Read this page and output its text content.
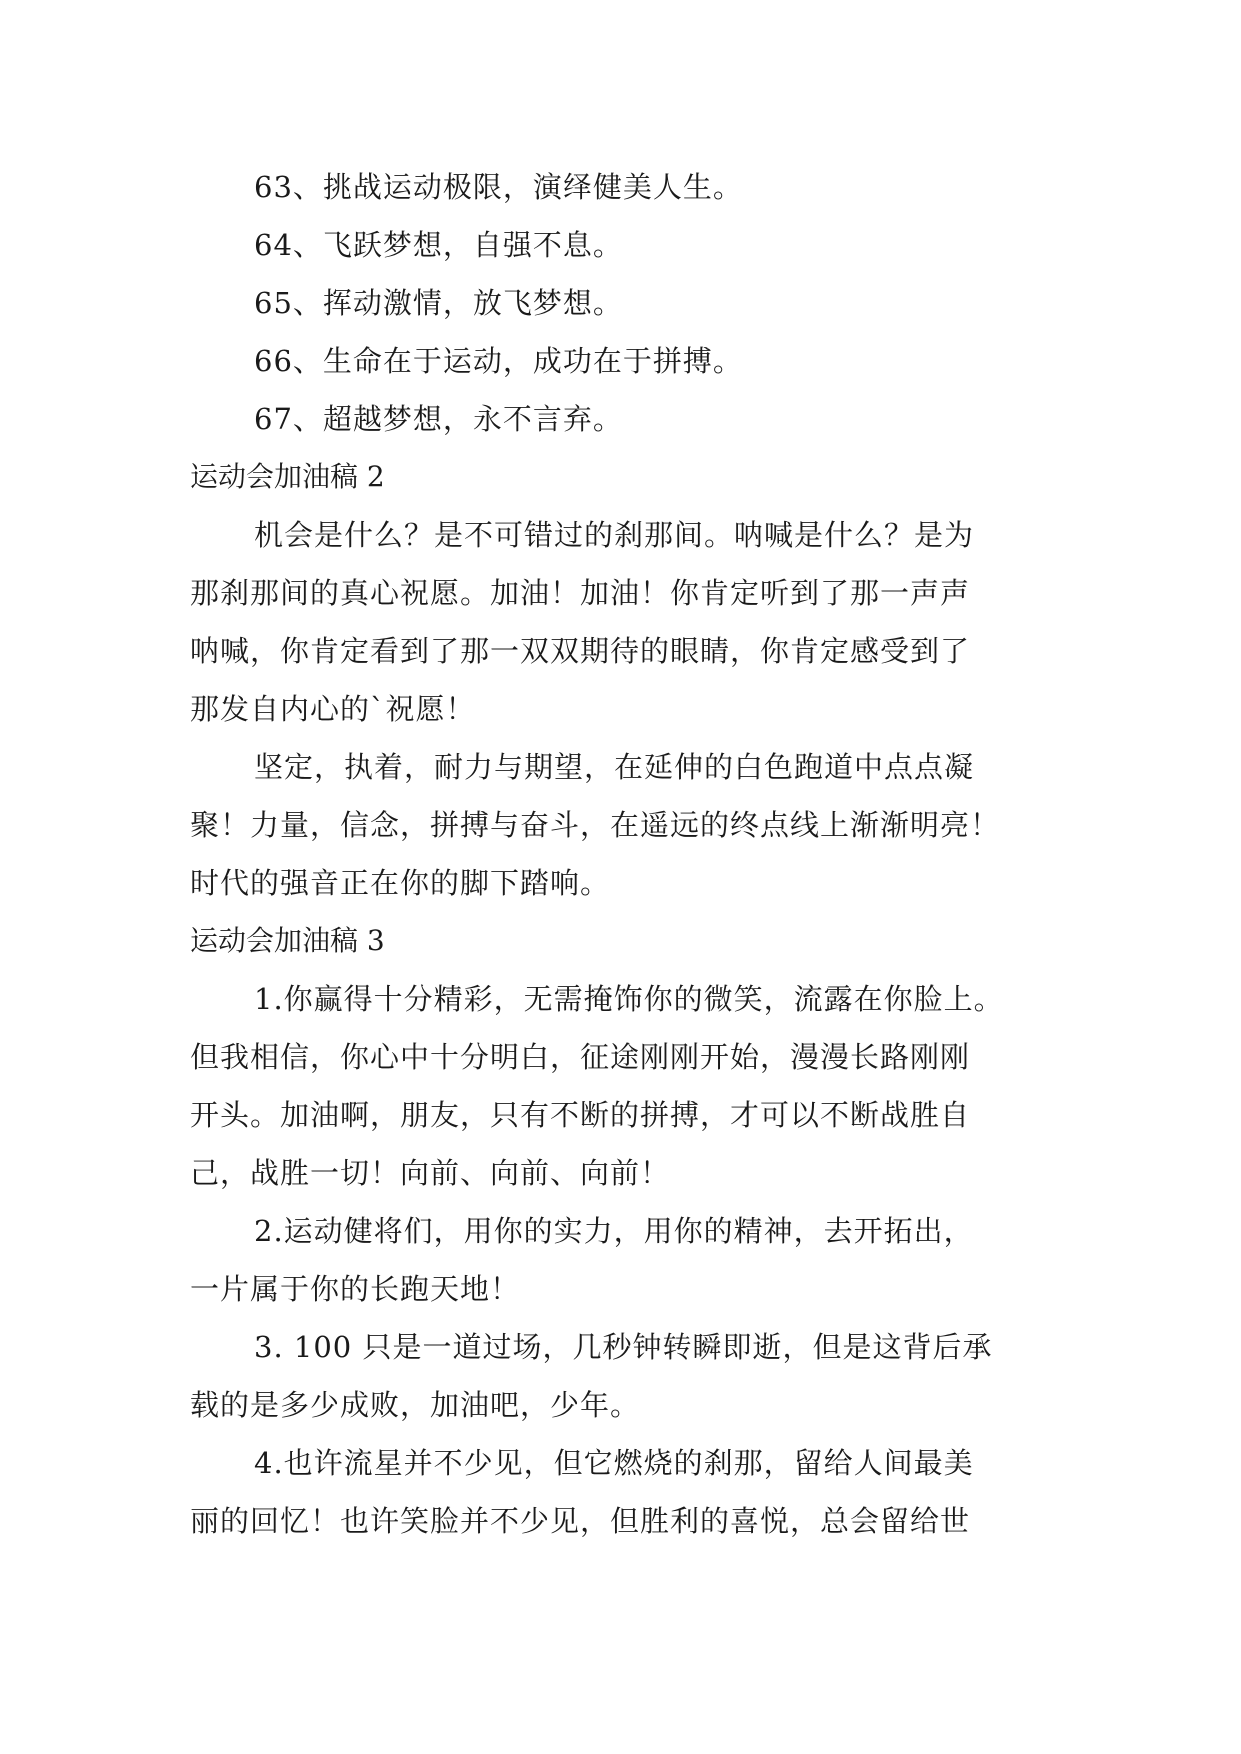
63、挑战运动极限，演绎健美人生。
64、飞跃梦想，自强不息。
65、挥动激情，放飞梦想。
66、生命在于运动，成功在于拼搏。
67、超越梦想，永不言弃。
运动会加油稿 2
机会是什么？是不可错过的刹那间。呐喊是什么？是为
那刹那间的真心祝愿。加油！加油！你肯定听到了那一声声
呐喊，你肯定看到了那一双双期待的眼睛，你肯定感受到了
那发自内心的`祝愿！
坚定，执着，耐力与期望，在延伸的白色跑道中点点凝
聚！力量，信念，拼搏与奋斗，在遥远的终点线上渐渐明亮！
时代的强音正在你的脚下踏响。
运动会加油稿 3
1.你赢得十分精彩，无需掩饰你的微笑，流露在你脸上。
但我相信，你心中十分明白，征途刚刚开始，漫漫长路刚刚
开头。加油啊，朋友，只有不断的拼搏，才可以不断战胜自
己，战胜一切！向前、向前、向前！
2.运动健将们，用你的实力，用你的精神，去开拓出，
一片属于你的长跑天地！
3. 100 只是一道过场，几秒钟转瞬即逝，但是这背后承
载的是多少成败，加油吧，少年。
4.也许流星并不少见，但它燃烧的刹那，留给人间最美
丽的回忆！也许笑脸并不少见，但胜利的喜悦，总会留给世
